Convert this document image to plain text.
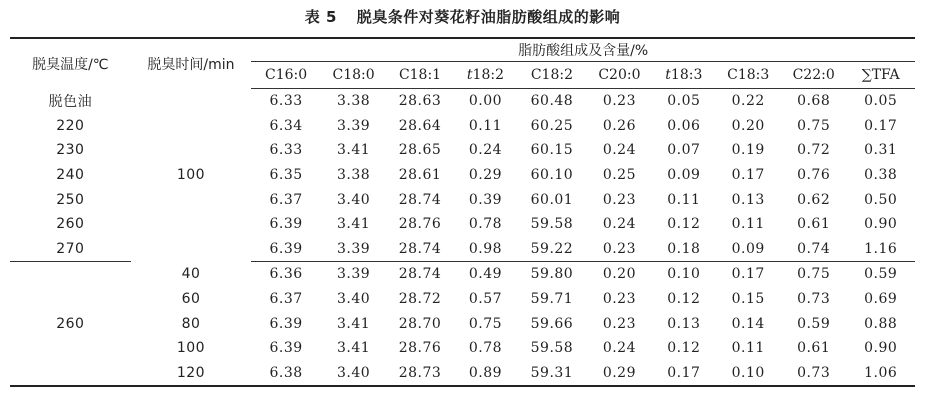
表 5 脱臭条件对葵花籽油脂肪酸组成的影响
脱臭温度/℃	脱臭时间/min	脂肪酸组成及含量/%									
		C16:0	C18:0	C18:1	t18:2	C18:2	C20:0	t18:3	C18:3	C22:0	∑TFA
脱色油	100	6.33	3.38	28.63	0.00	60.48	0.23	0.05	0.22	0.68	0.05
220		6.34	3.39	28.64	0.11	60.25	0.26	0.06	0.20	0.75	0.17
230		6.33	3.41	28.65	0.24	60.15	0.24	0.07	0.19	0.72	0.31
240		6.35	3.38	28.61	0.29	60.10	0.25	0.09	0.17	0.76	0.38
250		6.37	3.40	28.74	0.39	60.01	0.23	0.11	0.13	0.62	0.50
260		6.39	3.41	28.76	0.78	59.58	0.24	0.12	0.11	0.61	0.90
270		6.39	3.39	28.74	0.98	59.22	0.23	0.18	0.09	0.74	1.16
260	40	6.36	3.39	28.74	0.49	59.80	0.20	0.10	0.17	0.75	0.59
	60	6.37	3.40	28.72	0.57	59.71	0.23	0.12	0.15	0.73	0.69
	80	6.39	3.41	28.70	0.75	59.66	0.23	0.13	0.14	0.59	0.88
	100	6.39	3.41	28.76	0.78	59.58	0.24	0.12	0.11	0.61	0.90
	120	6.38	3.40	28.73	0.89	59.31	0.29	0.17	0.10	0.73	1.06
